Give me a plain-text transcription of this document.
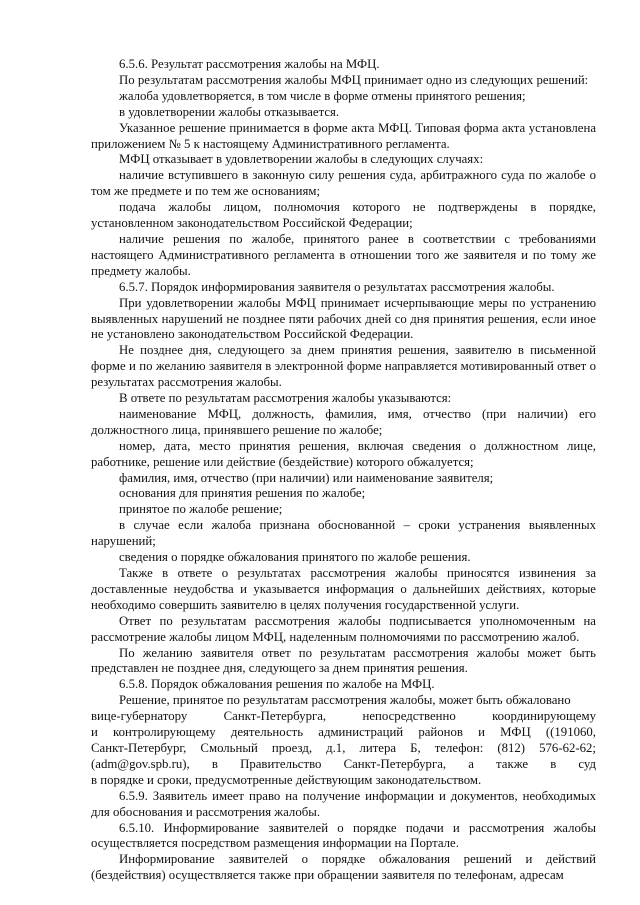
6.5.6. Результат рассмотрения жалобы на МФЦ.

По результатам рассмотрения жалобы МФЦ принимает одно из следующих решений:

жалоба удовлетворяется, в том числе в форме отмены принятого решения;

в удовлетворении жалобы отказывается.

Указанное решение принимается в форме акта МФЦ. Типовая форма акта установлена приложением № 5 к настоящему Административного регламента.

МФЦ отказывает в удовлетворении жалобы в следующих случаях:

наличие вступившего в законную силу решения суда, арбитражного суда по жалобе о том же предмете и по тем же основаниям;

подача жалобы лицом, полномочия которого не подтверждены в порядке, установленном законодательством Российской Федерации;

наличие решения по жалобе, принятого ранее в соответствии с требованиями настоящего Административного регламента в отношении того же заявителя и по тому же предмету жалобы.

6.5.7. Порядок информирования заявителя о результатах рассмотрения жалобы.

При удовлетворении жалобы МФЦ принимает исчерпывающие меры по устранению выявленных нарушений не позднее пяти рабочих дней со дня принятия решения, если иное не установлено законодательством Российской Федерации.

Не позднее дня, следующего за днем принятия решения, заявителю в письменной форме и по желанию заявителя в электронной форме направляется мотивированный ответ о результатах рассмотрения жалобы.

В ответе по результатам рассмотрения жалобы указываются:

наименование МФЦ, должность, фамилия, имя, отчество (при наличии) его должностного лица, принявшего решение по жалобе;

номер, дата, место принятия решения, включая сведения о должностном лице, работнике, решение или действие (бездействие) которого обжалуется;

фамилия, имя, отчество (при наличии) или наименование заявителя;

основания для принятия решения по жалобе;

принятое по жалобе решение;

в случае если жалоба признана обоснованной – сроки устранения выявленных нарушений;

сведения о порядке обжалования принятого по жалобе решения.

Также в ответе о результатах рассмотрения жалобы приносятся извинения за доставленные неудобства и указывается информация о дальнейших действиях, которые необходимо совершить заявителю в целях получения государственной услуги.

Ответ по результатам рассмотрения жалобы подписывается уполномоченным на рассмотрение жалобы лицом МФЦ, наделенным полномочиями по рассмотрению жалоб.

По желанию заявителя ответ по результатам рассмотрения жалобы может быть представлен не позднее дня, следующего за днем принятия решения.

6.5.8. Порядок обжалования решения по жалобе на МФЦ.

Решение, принятое по результатам рассмотрения жалобы, может быть обжаловано

вице-губернатору Санкт-Петербурга, непосредственно координирующему

и контролирующему деятельность администраций районов и МФЦ ((191060,

Санкт-Петербург, Смольный проезд, д.1, литера Б, телефон: (812) 576-62-62;

(adm@gov.spb.ru), в Правительство Санкт-Петербурга, а также в суд

в порядке и сроки, предусмотренные действующим законодательством.

6.5.9. Заявитель имеет право на получение информации и документов, необходимых для обоснования и рассмотрения жалобы.

6.5.10. Информирование заявителей о порядке подачи и рассмотрения жалобы осуществляется посредством размещения информации на Портале.

Информирование заявителей о порядке обжалования решений и действий (бездействия) осуществляется также при обращении заявителя по телефонам, адресам
